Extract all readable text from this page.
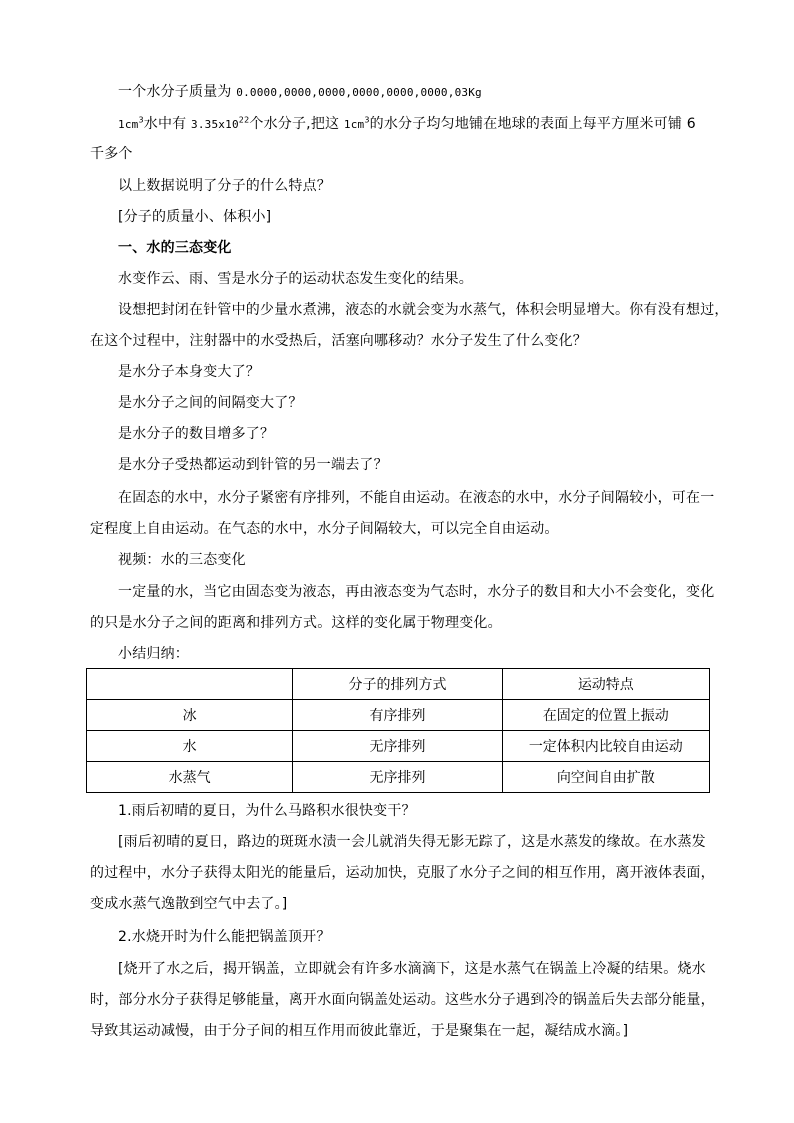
一个水分子质量为 0.0000,0000,0000,0000,0000,0000,03Kg
$1cm^3$水中有 $3.35x10^{22}$个水分子,把这 $1cm^3$的水分子均匀地铺在地球的表面上每平方厘米可铺 6
千多个
以上数据说明了分子的什么特点？
[分子的质量小、体积小]
一、水的三态变化
水变作云、雨、雪是水分子的运动状态发生变化的结果。
设想把封闭在针管中的少量水煮沸，液态的水就会变为水蒸气，体积会明显增大。你有没有想过，
在这个过程中，注射器中的水受热后，活塞向哪移动？水分子发生了什么变化？
是水分子本身变大了？
是水分子之间的间隔变大了？
是水分子的数目增多了？
是水分子受热都运动到针管的另一端去了？
在固态的水中，水分子紧密有序排列，不能自由运动。在液态的水中，水分子间隔较小，可在一
定程度上自由运动。在气态的水中，水分子间隔较大，可以完全自由运动。
视频：水的三态变化
一定量的水，当它由固态变为液态，再由液态变为气态时，水分子的数目和大小不会变化，变化
的只是水分子之间的距离和排列方式。这样的变化属于物理变化。
小结归纳：
	分子的排列方式	运动特点
冰	有序排列	在固定的位置上振动
水	无序排列	一定体积内比较自由运动
水蒸气	无序排列	向空间自由扩散
1.雨后初晴的夏日，为什么马路积水很快变干？
[雨后初晴的夏日，路边的斑斑水渍一会儿就消失得无影无踪了，这是水蒸发的缘故。在水蒸发
的过程中，水分子获得太阳光的能量后，运动加快，克服了水分子之间的相互作用，离开液体表面，
变成水蒸气逸散到空气中去了。]
2.水烧开时为什么能把锅盖顶开？
[烧开了水之后，揭开锅盖，立即就会有许多水滴滴下，这是水蒸气在锅盖上冷凝的结果。烧水
时，部分水分子获得足够能量，离开水面向锅盖处运动。这些水分子遇到冷的锅盖后失去部分能量，
导致其运动减慢，由于分子间的相互作用而彼此靠近，于是聚集在一起，凝结成水滴。]
